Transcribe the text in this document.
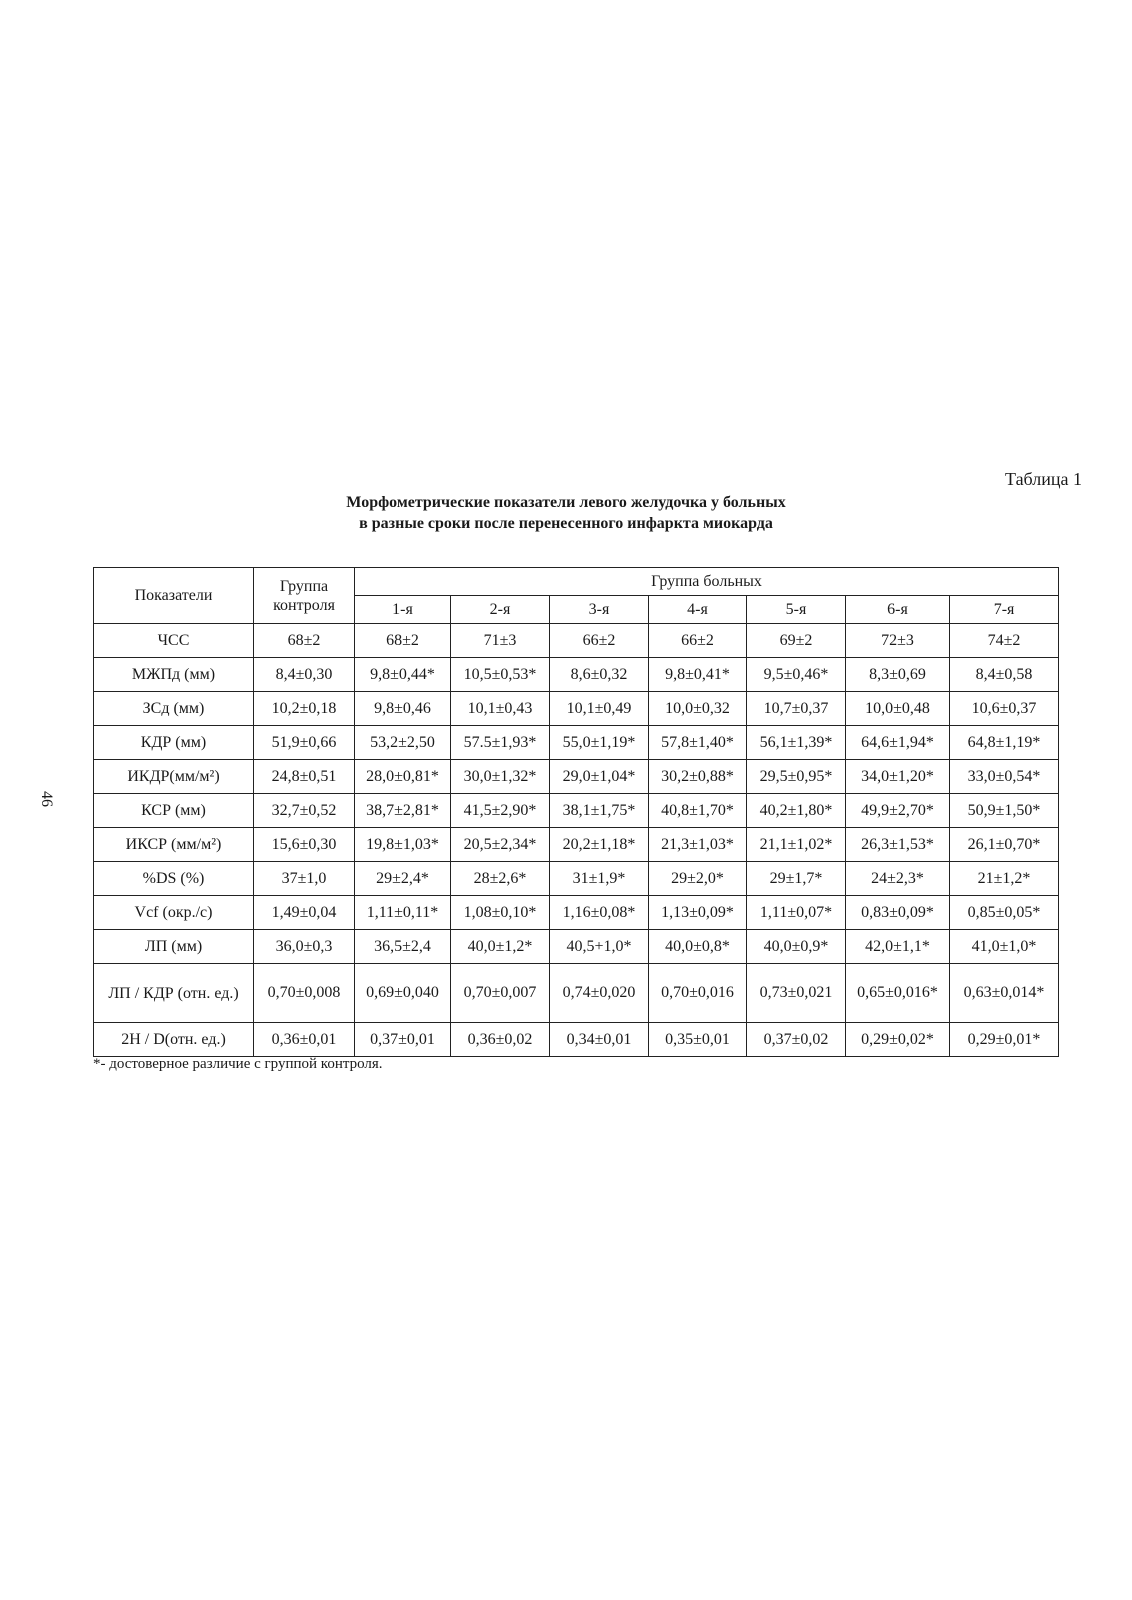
46
Таблица 1
Морфометрические показатели левого желудочка у больных
в разные сроки после перенесенного инфаркта миокарда
Показатели	Группа контроля	Группа больных						
		1-я	2-я	3-я	4-я	5-я	6-я	7-я
ЧСС	68±2	68±2	71±3	66±2	66±2	69±2	72±3	74±2
МЖПд (мм)	8,4±0,30	9,8±0,44*	10,5±0,53*	8,6±0,32	9,8±0,41*	9,5±0,46*	8,3±0,69	8,4±0,58
ЗСд (мм)	10,2±0,18	9,8±0,46	10,1±0,43	10,1±0,49	10,0±0,32	10,7±0,37	10,0±0,48	10,6±0,37
КДР (мм)	51,9±0,66	53,2±2,50	57.5±1,93*	55,0±1,19*	57,8±1,40*	56,1±1,39*	64,6±1,94*	64,8±1,19*
ИКДР(мм/м²)	24,8±0,51	28,0±0,81*	30,0±1,32*	29,0±1,04*	30,2±0,88*	29,5±0,95*	34,0±1,20*	33,0±0,54*
КСР (мм)	32,7±0,52	38,7±2,81*	41,5±2,90*	38,1±1,75*	40,8±1,70*	40,2±1,80*	49,9±2,70*	50,9±1,50*
ИКСР (мм/м²)	15,6±0,30	19,8±1,03*	20,5±2,34*	20,2±1,18*	21,3±1,03*	21,1±1,02*	26,3±1,53*	26,1±0,70*
%DS (%)	37±1,0	29±2,4*	28±2,6*	31±1,9*	29±2,0*	29±1,7*	24±2,3*	21±1,2*
Vcf (окр./с)	1,49±0,04	1,11±0,11*	1,08±0,10*	1,16±0,08*	1,13±0,09*	1,11±0,07*	0,83±0,09*	0,85±0,05*
ЛП (мм)	36,0±0,3	36,5±2,4	40,0±1,2*	40,5+1,0*	40,0±0,8*	40,0±0,9*	42,0±1,1*	41,0±1,0*
ЛП / КДР (отн. ед.)	0,70±0,008	0,69±0,040	0,70±0,007	0,74±0,020	0,70±0,016	0,73±0,021	0,65±0,016*	0,63±0,014*
2Н / D(отн. ед.)	0,36±0,01	0,37±0,01	0,36±0,02	0,34±0,01	0,35±0,01	0,37±0,02	0,29±0,02*	0,29±0,01*
*- достоверное различие с группой контроля.
